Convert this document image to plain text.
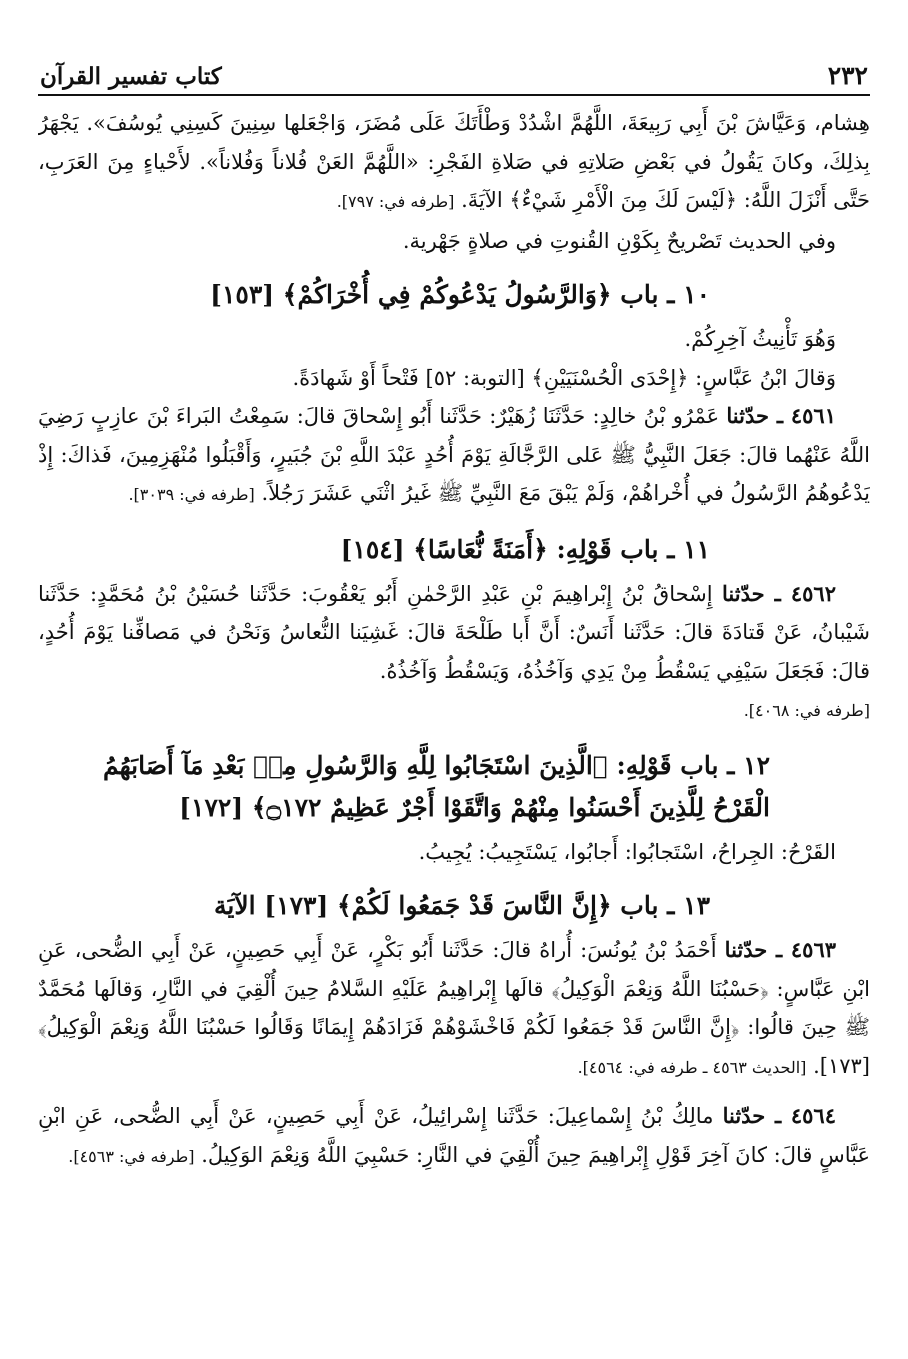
٢٣٢
كتاب تفسير القرآن

هِشام، وَعَيَّاشَ بْنَ أَبِي رَبِيعَةَ، اللَّهُمَّ اشْدُدْ وَطْأَتَكَ عَلَى مُضَرَ، وَاجْعَلها سِنِينَ كَسِنِي يُوسُفَ». يَجْهَرُ بِذلِكَ، وكانَ يَقُولُ في بَعْضِ صَلاتِهِ في صَلاةِ الفَجْرِ: «اللَّهُمَّ العَنْ فُلاناً وَفُلاناً». لأَحْياءٍ مِنَ العَرَبِ، حَتَّى أَنْزَلَ اللَّهُ: ﴿لَيْسَ لَكَ مِنَ الْأَمْرِ شَيْءٌ﴾ الآيَةَ. [طرفه في: ٧٩٧].

وفي الحديث تَصْريحٌ بِكَوْنِ القُنوتِ في صلاةٍ جَهْرية.

١٠ ـ باب ﴿وَالرَّسُولُ يَدْعُوكُمْ فِي أُخْرَاكُمْ﴾ [١٥٣]

وَهُوَ تَأْنِيثُ آخِرِكُمْ.

وَقالَ ابْنُ عَبَّاسٍ: ﴿إِحْدَى الْحُسْنَيَيْنِ﴾ [التوبة: ٥٢] فَتْحاً أَوْ شَهادَةً.

٤٥٦١ ـ حدّثنا عَمْرُو بْنُ خالِدٍ: حَدَّثَنَا زُهَيْرٌ: حَدَّثَنا أَبُو إِسْحاقَ قالَ: سَمِعْتُ البَراءَ بْنَ عازِبٍ رَضِيَ اللَّهُ عَنْهُما قالَ: جَعَلَ النَّبِيُّ ﷺ عَلى الرَّجَّالَةِ يَوْمَ أُحُدٍ عَبْدَ اللَّهِ بْنَ جُبَيرٍ، وَأَقْبَلُوا مُنْهَزِمِينَ، فَذاكَ: إِذْ يَدْعُوهُمُ الرَّسُولُ في أُخْراهُمْ، وَلَمْ يَبْقَ مَعَ النَّبِيِّ ﷺ غَيرُ اثْنَي عَشَرَ رَجُلاً. [طرفه في: ٣٠٣٩].

١١ ـ باب قَوْلِهِ: ﴿أَمَنَةً نُّعَاسًا﴾ [١٥٤]

٤٥٦٢ ـ حدّثنا إِسْحاقُ بْنُ إِبْراهِيمَ بْنِ عَبْدِ الرَّحْمٰنِ أَبُو يَعْقُوبَ: حَدَّثَنا حُسَيْنُ بْنُ مُحَمَّدٍ: حَدَّثَنا شَيْبانُ، عَنْ قَتادَةَ قالَ: حَدَّثَنا أَنَسٌ: أَنَّ أَبا طَلْحَةَ قالَ: غَشِيَنا النُّعاسُ وَنَحْنُ في مَصافِّنا يَوْمَ أُحُدٍ، قالَ: فَجَعَلَ سَيْفِي يَسْقُطُ مِنْ يَدِي وَآخُذُهُ، وَيَسْقُطُ وَآخُذُهُ.

[طرفه في: ٤٠٦٨].

١٢ ـ باب قَوْلِهِ: ﴿الَّذِينَ اسْتَجَابُوا لِلَّهِ وَالرَّسُولِ مِنۢ بَعْدِ مَآ أَصَابَهُمُ الْقَرْحُ لِلَّذِينَ أَحْسَنُوا مِنْهُمْ وَاتَّقَوْا أَجْرٌ عَظِيمٌ ۝١٧٢﴾ [١٧٢]

القَرْحُ: الجِراحُ، اسْتَجابُوا: أَجابُوا، يَسْتَجِيبُ: يُجِيبُ.

١٣ ـ باب ﴿إِنَّ النَّاسَ قَدْ جَمَعُوا لَكُمْ﴾ [١٧٣] الآيَة

٤٥٦٣ ـ حدّثنا أَحْمَدُ بْنُ يُونُسَ: أُراهُ قالَ: حَدَّثَنا أَبُو بَكْرٍ، عَنْ أَبِي حَصِينٍ، عَنْ أَبِي الضُّحى، عَنِ ابْنِ عَبَّاسٍ: ﴿حَسْبُنَا اللَّهُ وَنِعْمَ الْوَكِيلُ﴾ قالَها إِبْراهِيمُ عَلَيْهِ السَّلامُ حِينَ أُلْقِيَ في النَّارِ، وَقالَها مُحَمَّدٌ ﷺ حِينَ قالُوا: ﴿إِنَّ النَّاسَ قَدْ جَمَعُوا لَكُمْ فَاخْشَوْهُمْ فَزَادَهُمْ إِيمَانًا وَقَالُوا حَسْبُنَا اللَّهُ وَنِعْمَ الْوَكِيلُ﴾ [١٧٣]. [الحديث ٤٥٦٣ ـ طرفه في: ٤٥٦٤].

٤٥٦٤ ـ حدّثنا مالِكُ بْنُ إِسْماعِيلَ: حَدَّثَنا إِسْرائِيلُ، عَنْ أَبِي حَصِينٍ، عَنْ أَبِي الضُّحى، عَنِ ابْنِ عَبَّاسٍ قالَ: كانَ آخِرَ قَوْلِ إِبْراهِيمَ حِينَ أُلْقِيَ في النَّارِ: حَسْبِيَ اللَّهُ وَنِعْمَ الوَكِيلُ. [طرفه في: ٤٥٦٣].
